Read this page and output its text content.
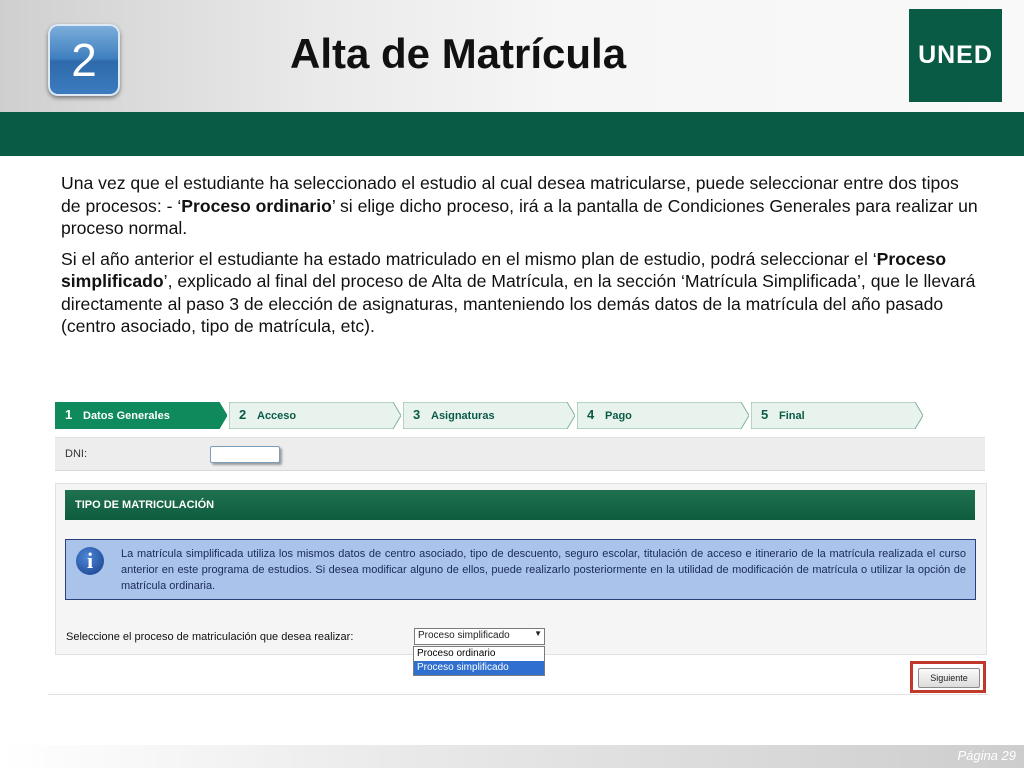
2	Alta de Matrícula	UNED

Una vez que el estudiante ha seleccionado el estudio al cual desea matricularse, puede seleccionar entre dos tipos de procesos: - ‘Proceso ordinario’ si elige dicho proceso, irá a la pantalla de Condiciones Generales para realizar un proceso normal.

Si el año anterior el estudiante ha estado matriculado en el mismo plan de estudio, podrá seleccionar el ‘Proceso simplificado’, explicado al final del proceso de Alta de Matrícula, en la sección ‘Matrícula Simplificada’, que le llevará directamente al paso 3 de elección de asignaturas, manteniendo los demás datos de la matrícula del año pasado (centro asociado, tipo de matrícula, etc).

1 Datos Generales	2 Acceso	3 Asignaturas	4 Pago	5 Final
DNI:
TIPO DE MATRICULACIÓN
i	La matrícula simplificada utiliza los mismos datos de centro asociado, tipo de descuento, seguro escolar, titulación de acceso e itinerario de la matrícula realizada el curso anterior en este programa de estudios. Si desea modificar alguno de ellos, puede realizarlo posteriormente en la utilidad de modificación de matrícula o utilizar la opción de matrícula ordinaria.
Seleccione el proceso de matriculación que desea realizar:	Proceso simplificado	▼
Proceso ordinario
Proceso simplificado
Siguiente
Página 29
